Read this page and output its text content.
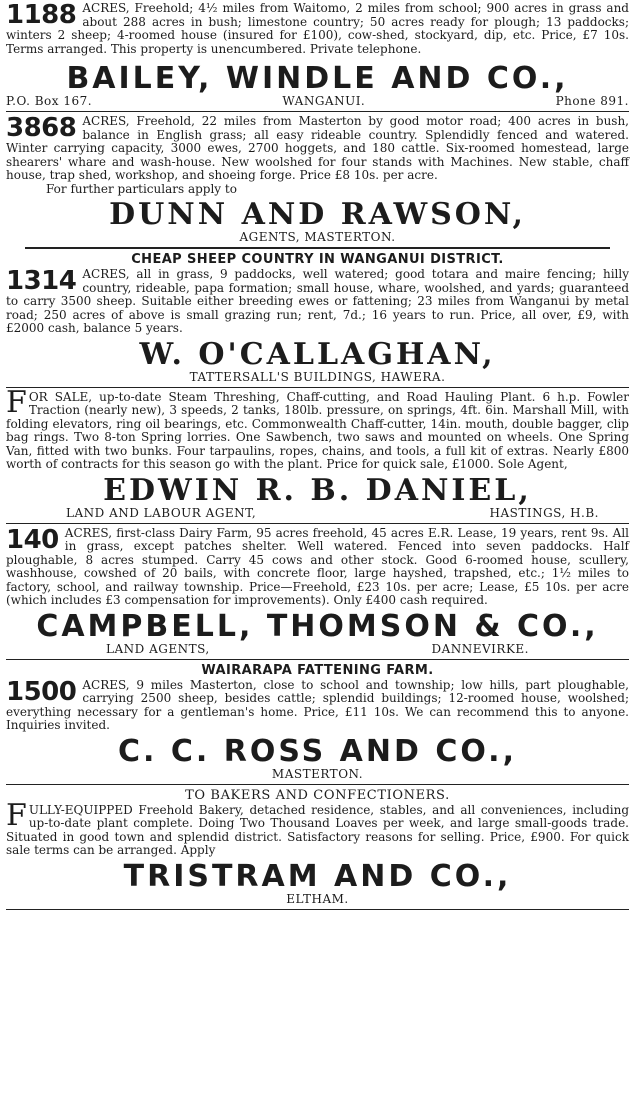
1188 ACRES, Freehold; 4½ miles from Waitomo, 2 miles from school; 900 acres in grass and about 288 acres in bush; limestone country; 50 acres ready for plough; 13 paddocks; winters 2 sheep; 4-roomed house (insured for £100), cow-shed, stockyard, dip, etc. Price, £7 10s. Terms arranged. This property is unencumbered. Private telephone.

BAILEY, WINDLE AND CO.,
P.O. Box 167.	WANGANUI.	Phone 891.

3868 ACRES, Freehold, 22 miles from Masterton by good motor road; 400 acres in bush, balance in English grass; all easy rideable country. Splendidly fenced and watered. Winter carrying capacity, 3000 ewes, 2700 hoggets, and 180 cattle. Six-roomed homestead, large shearers' whare and wash-house. New woolshed for four stands with Machines. New stable, chaff house, trap shed, workshop, and shoeing forge. Price £8 10s. per acre.

For further particulars apply to
DUNN AND RAWSON,
AGENTS, MASTERTON.
CHEAP SHEEP COUNTRY IN WANGANUI DISTRICT.

1314 ACRES, all in grass, 9 paddocks, well watered; good totara and maire fencing; hilly country, rideable, papa formation; small house, whare, woolshed, and yards; guaranteed to carry 3500 sheep. Suitable either breeding ewes or fattening; 23 miles from Wanganui by metal road; 250 acres of above is small grazing run; rent, 7d.; 16 years to run. Price, all over, £9, with £2000 cash, balance 5 years.

W. O'CALLAGHAN,
TATTERSALL'S BUILDINGS, HAWERA.

F OR SALE, up-to-date Steam Threshing, Chaff-cutting, and Road Hauling Plant. 6 h.p. Fowler Traction (nearly new), 3 speeds, 2 tanks, 180lb. pressure, on springs, 4ft. 6in. Marshall Mill, with folding elevators, ring oil bearings, etc. Commonwealth Chaff-cutter, 14in. mouth, double bagger, clip bag rings. Two 8-ton Spring lorries. One Sawbench, two saws and mounted on wheels. One Spring Van, fitted with two bunks. Four tarpaulins, ropes, chains, and tools, a full kit of extras. Nearly £800 worth of contracts for this season go with the plant. Price for quick sale, £1000. Sole Agent,

EDWIN R. B. DANIEL,
LAND AND LABOUR AGENT,	HASTINGS, H.B.

140 ACRES, first-class Dairy Farm, 95 acres freehold, 45 acres E.R. Lease, 19 years, rent 9s. All in grass, except patches shelter. Well watered. Fenced into seven paddocks. Half ploughable, 8 acres stumped. Carry 45 cows and other stock. Good 6-roomed house, scullery, washhouse, cowshed of 20 bails, with concrete floor, large hayshed, trapshed, etc.; 1½ miles to factory, school, and railway township. Price—Freehold, £23 10s. per acre; Lease, £5 10s. per acre (which includes £3 compensation for improvements). Only £400 cash required.

CAMPBELL, THOMSON & CO.,
LAND AGENTS,	DANNEVIRKE.
WAIRARAPA FATTENING FARM.

1500 ACRES, 9 miles Masterton, close to school and township; low hills, part ploughable, carrying 2500 sheep, besides cattle; splendid buildings; 12-roomed house, woolshed; everything necessary for a gentleman's home. Price, £11 10s. We can recommend this to anyone. Inquiries invited.

C. C. ROSS AND CO.,
MASTERTON.
TO BAKERS AND CONFECTIONERS.

F ULLY-EQUIPPED Freehold Bakery, detached residence, stables, and all conveniences, including up-to-date plant complete. Doing Two Thousand Loaves per week, and large small-goods trade. Situated in good town and splendid district. Satisfactory reasons for selling. Price, £900. For quick sale terms can be arranged. Apply

TRISTRAM AND CO.,
ELTHAM.
